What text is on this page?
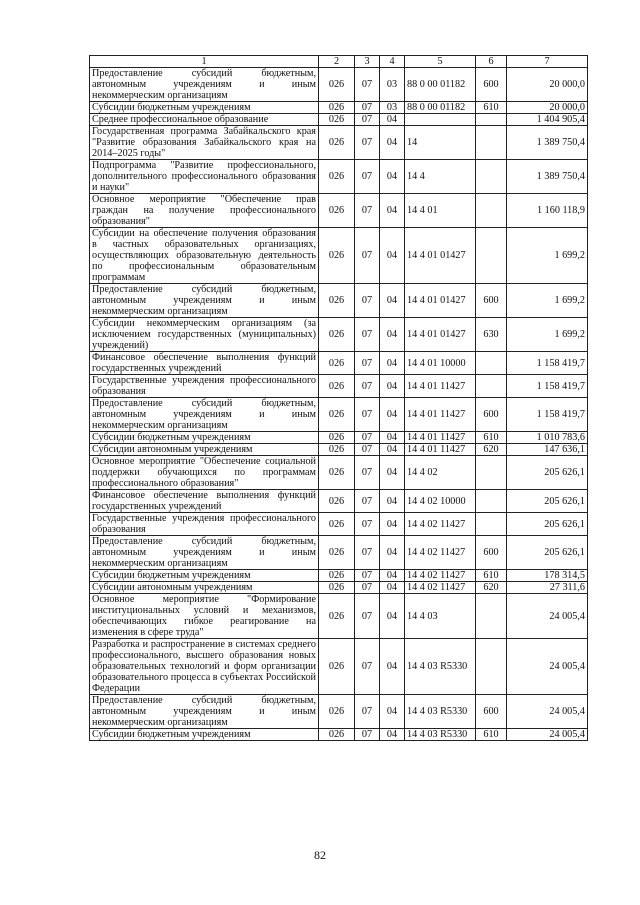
1	2	3	4	5	6	7
Предоставление субсидий бюджетным, автономным учреждениям и иным некоммерческим организациям	026	07	03	88 0 00 01182	600	20 000,0
Субсидии бюджетным учреждениям	026	07	03	88 0 00 01182	610	20 000,0
Среднее профессиональное образование	026	07	04			1 404 905,4
Государственная программа Забайкальского края "Развитие образования Забайкальского края на 2014–2025 годы"	026	07	04	14		1 389 750,4
Подпрограмма "Развитие профессионального, дополнительного профессионального образования и науки"	026	07	04	14 4		1 389 750,4
Основное мероприятие "Обеспечение прав граждан на получение профессионального образования"	026	07	04	14 4 01		1 160 118,9
Субсидии на обеспечение получения образования в частных образовательных организациях, осуществляющих образовательную деятельность по профессиональным образовательным программам	026	07	04	14 4 01 01427		1 699,2
Предоставление субсидий бюджетным, автономным учреждениям и иным некоммерческим организациям	026	07	04	14 4 01 01427	600	1 699,2
Субсидии некоммерческим организациям (за исключением государственных (муниципальных) учреждений)	026	07	04	14 4 01 01427	630	1 699,2
Финансовое обеспечение выполнения функций государственных учреждений	026	07	04	14 4 01 10000		1 158 419,7
Государственные учреждения профессионального образования	026	07	04	14 4 01 11427		1 158 419,7
Предоставление субсидий бюджетным, автономным учреждениям и иным некоммерческим организациям	026	07	04	14 4 01 11427	600	1 158 419,7
Субсидии бюджетным учреждениям	026	07	04	14 4 01 11427	610	1 010 783,6
Субсидии автономным учреждениям	026	07	04	14 4 01 11427	620	147 636,1
Основное мероприятие "Обеспечение социальной поддержки обучающихся по программам профессионального образования"	026	07	04	14 4 02		205 626,1
Финансовое обеспечение выполнения функций государственных учреждений	026	07	04	14 4 02 10000		205 626,1
Государственные учреждения профессионального образования	026	07	04	14 4 02 11427		205 626,1
Предоставление субсидий бюджетным, автономным учреждениям и иным некоммерческим организациям	026	07	04	14 4 02 11427	600	205 626,1
Субсидии бюджетным учреждениям	026	07	04	14 4 02 11427	610	178 314,5
Субсидии автономным учреждениям	026	07	04	14 4 02 11427	620	27 311,6
Основное мероприятие "Формирование институциональных условий и механизмов, обеспечивающих гибкое реагирование на изменения в сфере труда"	026	07	04	14 4 03		24 005,4
Разработка и распространение в системах среднего профессионального, высшего образования новых образовательных технологий и форм организации образовательного процесса в субъектах Российской Федерации	026	07	04	14 4 03 R5330		24 005,4
Предоставление субсидий бюджетным, автономным учреждениям и иным некоммерческим организациям	026	07	04	14 4 03 R5330	600	24 005,4
Субсидии бюджетным учреждениям	026	07	04	14 4 03 R5330	610	24 005,4
82
